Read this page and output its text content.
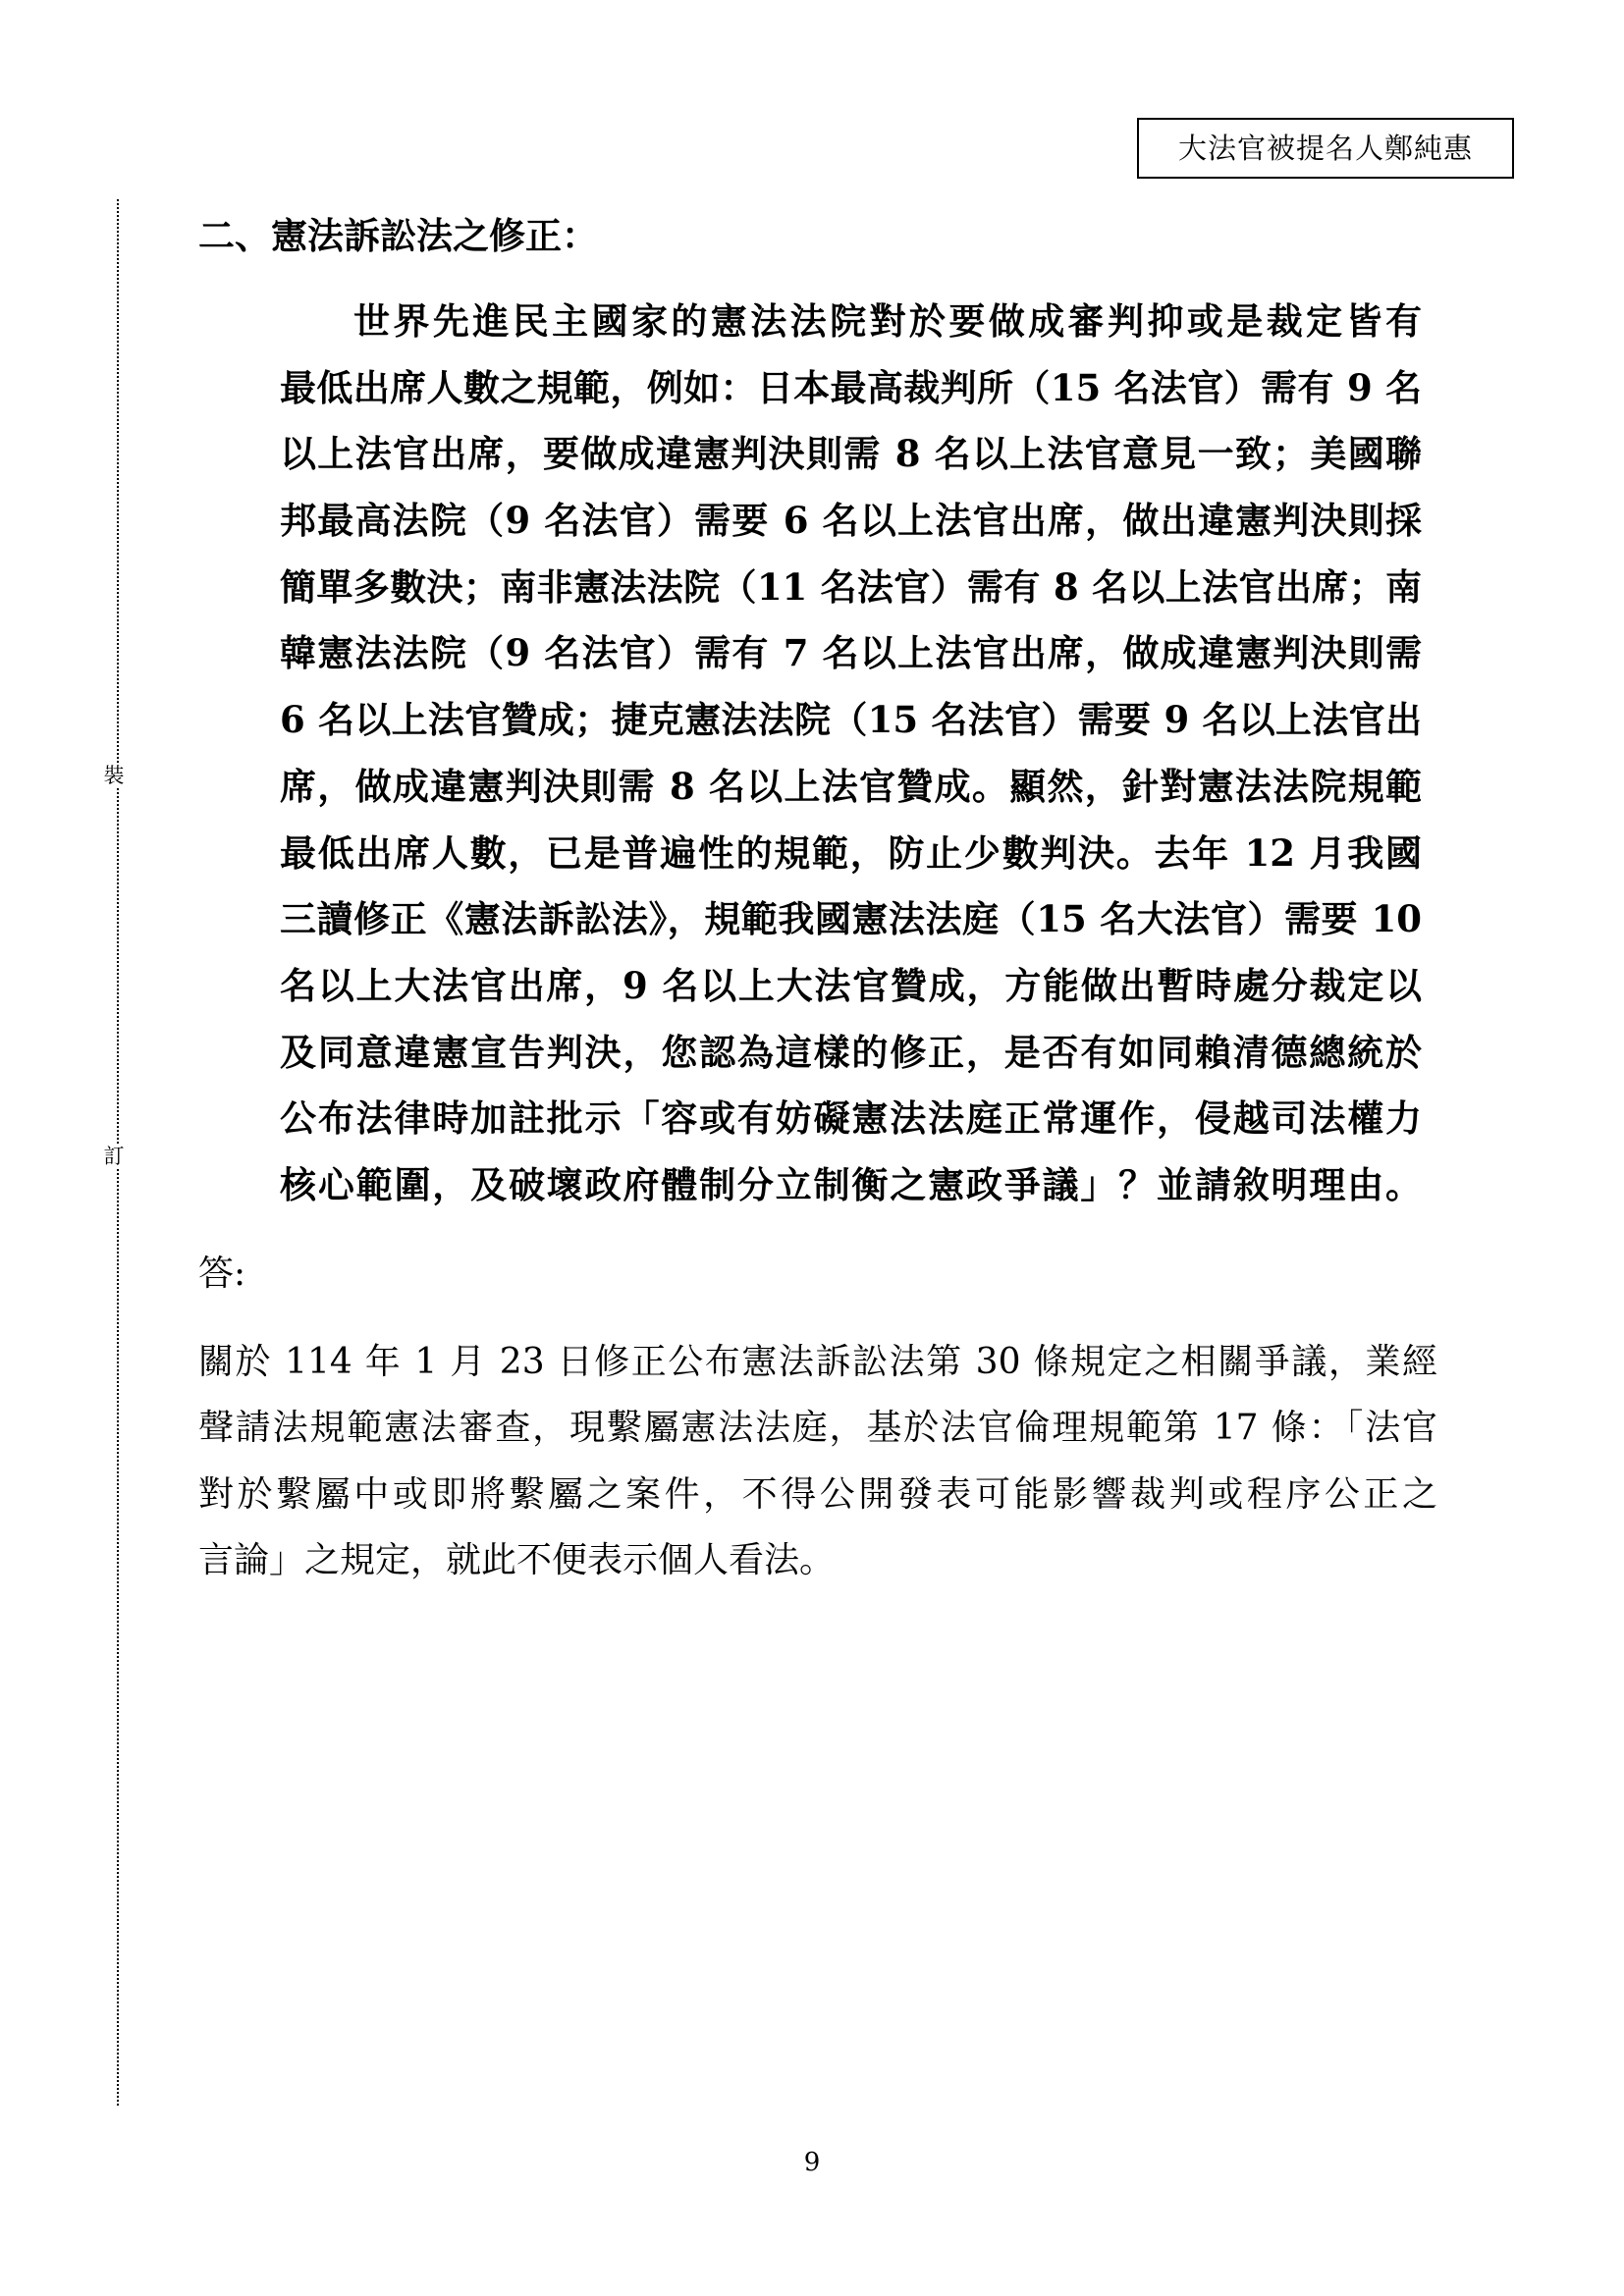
大法官被提名人鄭純惠
裝
訂
二、憲法訴訟法之修正：
世界先進民主國家的憲法法院對於要做成審判抑或是裁定皆有
最低出席人數之規範，例如：日本最高裁判所（15 名法官）需有 9 名
以上法官出席，要做成違憲判決則需 8 名以上法官意見一致；美國聯
邦最高法院（9 名法官）需要 6 名以上法官出席，做出違憲判決則採
簡單多數決；南非憲法法院（11 名法官）需有 8 名以上法官出席；南
韓憲法法院（9 名法官）需有 7 名以上法官出席，做成違憲判決則需
6 名以上法官贊成；捷克憲法法院（15 名法官）需要 9 名以上法官出
席，做成違憲判決則需 8 名以上法官贊成。顯然，針對憲法法院規範
最低出席人數，已是普遍性的規範，防止少數判決。去年 12 月我國
三讀修正《憲法訴訟法》，規範我國憲法法庭（15 名大法官）需要 10
名以上大法官出席，9 名以上大法官贊成，方能做出暫時處分裁定以
及同意違憲宣告判決，您認為這樣的修正，是否有如同賴清德總統於
公布法律時加註批示「容或有妨礙憲法法庭正常運作，侵越司法權力
核心範圍，及破壞政府體制分立制衡之憲政爭議」？並請敘明理由。
答:
關於 114 年 1 月 23 日修正公布憲法訴訟法第 30 條規定之相關爭議，業經
聲請法規範憲法審查，現繫屬憲法法庭，基於法官倫理規範第 17 條：「法官
對於繫屬中或即將繫屬之案件，不得公開發表可能影響裁判或程序公正之
言論」之規定，就此不便表示個人看法。
9
